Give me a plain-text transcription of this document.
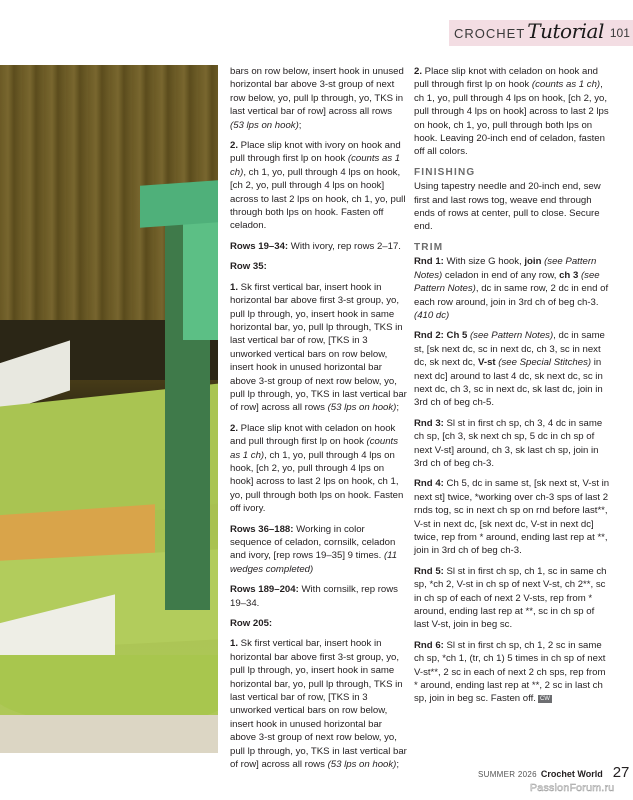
CROCHET Tutorial 101

bars on row below, insert hook in unused horizontal bar above 3-st group of next row below, yo, pull lp through, yo, TKS in last vertical bar of row] across all rows (53 lps on hook);

2. Place slip knot with ivory on hook and pull through first lp on hook (counts as 1 ch), ch 1, yo, pull through 4 lps on hook, [ch 2, yo, pull through 4 lps on hook] across to last 2 lps on hook, ch 1, yo, pull through both lps on hook. Fasten off celadon.

Rows 19–34: With ivory, rep rows 2–17.

Row 35:

1. Sk first vertical bar, insert hook in horizontal bar above first 3-st group, yo, pull lp through, yo, insert hook in same horizontal bar, yo, pull lp through, TKS in last vertical bar of row, [TKS in 3 unworked vertical bars on row below, insert hook in unused horizontal bar above 3-st group of next row below, yo, pull lp through, yo, TKS in last vertical bar of row] across all rows (53 lps on hook);

2. Place slip knot with celadon on hook and pull through first lp on hook (counts as 1 ch), ch 1, yo, pull through 4 lps on hook, [ch 2, yo, pull through 4 lps on hook] across to last 2 lps on hook, ch 1, yo, pull through both lps on hook. Fasten off ivory.

Rows 36–188: Working in color sequence of celadon, cornsilk, celadon and ivory, [rep rows 19–35] 9 times. (11 wedges completed)

Rows 189–204: With cornsilk, rep rows 19–34.

Row 205:

1. Sk first vertical bar, insert hook in horizontal bar above first 3-st group, yo, pull lp through, yo, insert hook in same horizontal bar, yo, pull lp through, TKS in last vertical bar of row, [TKS in 3 unworked vertical bars on row below, insert hook in unused horizontal bar above 3-st group of next row below, yo, pull lp through, yo, TKS in last vertical bar of row] across all rows (53 lps on hook);

2. Place slip knot with celadon on hook and pull through first lp on hook (counts as 1 ch), ch 1, yo, pull through 4 lps on hook, [ch 2, yo, pull through 4 lps on hook] across to last 2 lps on hook, ch 1, yo, pull through both lps on hook. Leaving 20-inch end of celadon, fasten off all colors.

FINISHING

Using tapestry needle and 20-inch end, sew first and last rows tog, weave end through ends of rows at center, pull to close. Secure end.

TRIM

Rnd 1: With size G hook, join (see Pattern Notes) celadon in end of any row, ch 3 (see Pattern Notes), dc in same row, 2 dc in end of each row around, join in 3rd ch of beg ch-3. (410 dc)

Rnd 2: Ch 5 (see Pattern Notes), dc in same st, [sk next dc, sc in next dc, ch 3, sc in next dc, sk next dc, V-st (see Special Stitches) in next dc] around to last 4 dc, sk next dc, sc in next dc, ch 3, sc in next dc, sk last dc, join in 3rd ch of beg ch-5.

Rnd 3: Sl st in first ch sp, ch 3, 4 dc in same ch sp, [ch 3, sk next ch sp, 5 dc in ch sp of next V-st] around, ch 3, sk last ch sp, join in 3rd ch of beg ch-3.

Rnd 4: Ch 5, dc in same st, [sk next st, V-st in next st] twice, *working over ch-3 sps of last 2 rnds tog, sc in next ch sp on rnd before last**, V-st in next dc, [sk next dc, V-st in next dc] twice, rep from * around, ending last rep at **, join in 3rd ch of beg ch-3.

Rnd 5: Sl st in first ch sp, ch 1, sc in same ch sp, *ch 2, V-st in ch sp of next V-st, ch 2**, sc in ch sp of each of next 2 V-sts, rep from * around, ending last rep at **, sc in ch sp of last V-st, join in beg sc.

Rnd 6: Sl st in first ch sp, ch 1, 2 sc in same ch sp, *ch 1, (tr, ch 1) 5 times in ch sp of next V-st**, 2 sc in each of next 2 ch sps, rep from * around, ending last rep at **, 2 sc in last ch sp, join in beg sc. Fasten off. CW

SUMMER 2026 Crochet World 27
PassionForum.ru
